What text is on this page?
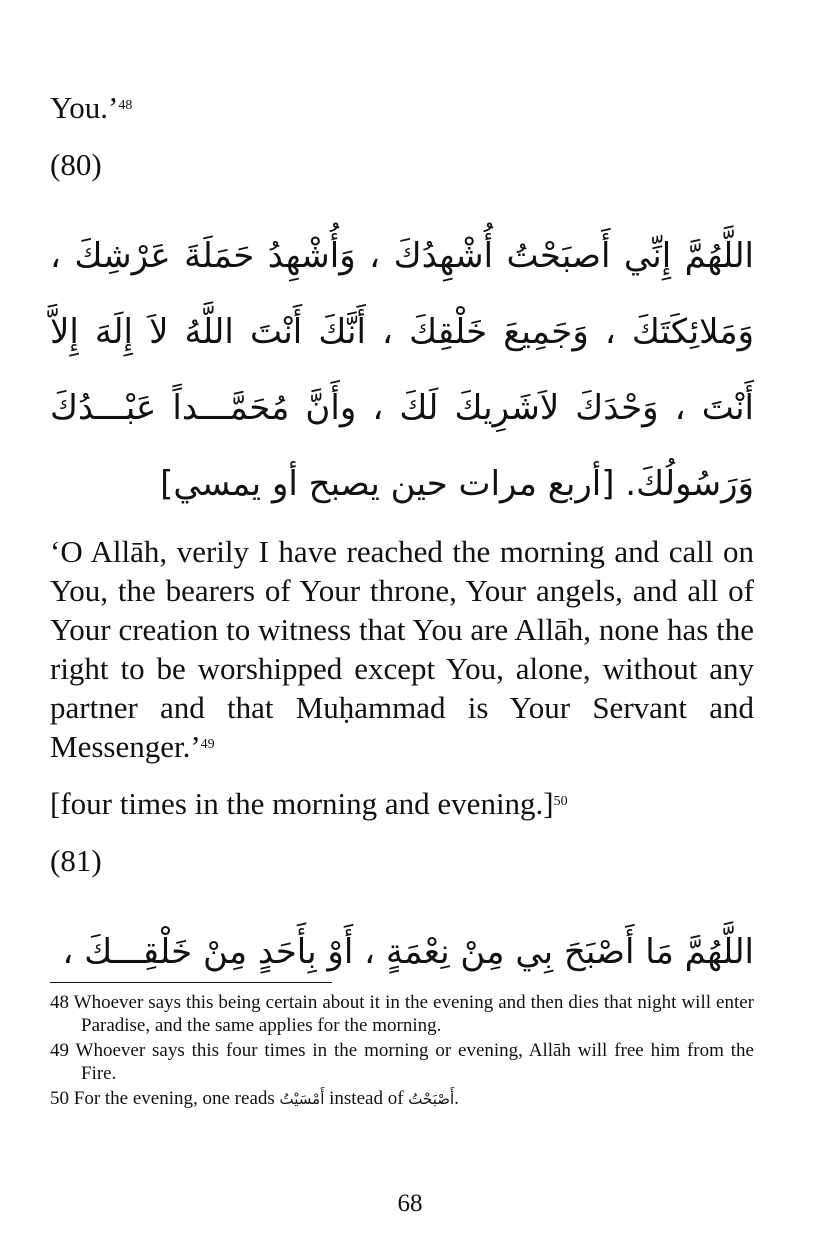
You.’$^{48}$

(80)

اللَّهُمَّ إِنِّي أَصبَحْتُ أُشْهِدُكَ ، وَأُشْهِدُ حَمَلَةَ عَرْشِكَ ، وَمَلائِكَتَكَ ، وَجَمِيعَ خَلْقِكَ ، أَنَّكَ أَنْتَ اللَّهُ لاَ إِلَهَ إِلاَّ أَنْتَ ، وَحْدَكَ لاَشَرِيكَ لَكَ ، وأَنَّ مُحَمَّـــداً عَبْـــدُكَ وَرَسُولُكَ. [أربع مرات حين يصبح أو يمسي]

‘O Allāh, verily I have reached the morning and call on You, the bearers of Your throne, Your angels, and all of Your creation to witness that You are Allāh, none has the right to be worshipped except You, alone, without any partner and that Muḥammad is Your Servant and Messenger.’$^{49}$

[four times in the morning and evening.]$^{50}$

(81)

اللَّهُمَّ مَا أَصْبَحَ بِي مِنْ نِعْمَةٍ ، أَوْ بِأَحَدٍ مِنْ خَلْقِـــكَ ،

48 Whoever says this being certain about it in the evening and then dies that night will enter Paradise, and the same applies for the morning.

49 Whoever says this four times in the morning or evening, Allāh will free him from the Fire.

50 For the evening, one reads أَمْسَيْتُ instead of أَصْبَحْتُ.

68
